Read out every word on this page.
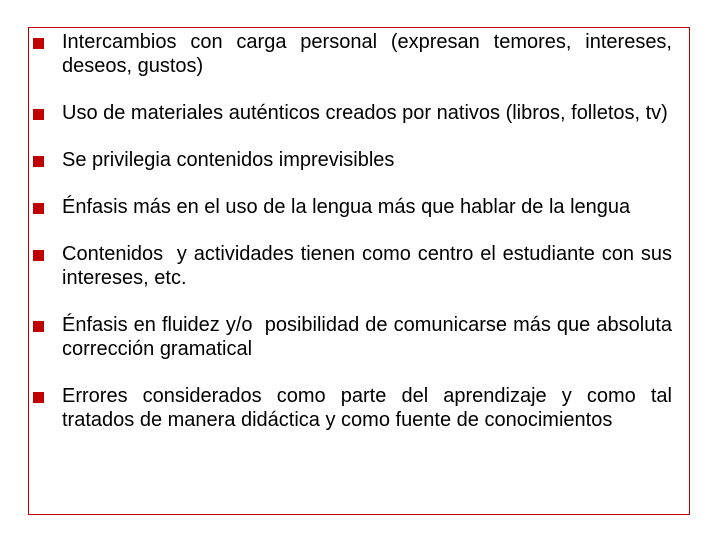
Intercambios con carga personal (expresan temores, intereses, deseos, gustos)
Uso de materiales auténticos creados por nativos (libros, folletos, tv)
Se privilegia contenidos imprevisibles
Énfasis más en el uso de la lengua más que hablar de la lengua
Contenidos  y actividades tienen como centro el estudiante con sus intereses, etc.
Énfasis en fluidez y/o  posibilidad de comunicarse más que absoluta corrección gramatical
Errores considerados como parte del aprendizaje y como tal  tratados de manera didáctica y como fuente de conocimientos
